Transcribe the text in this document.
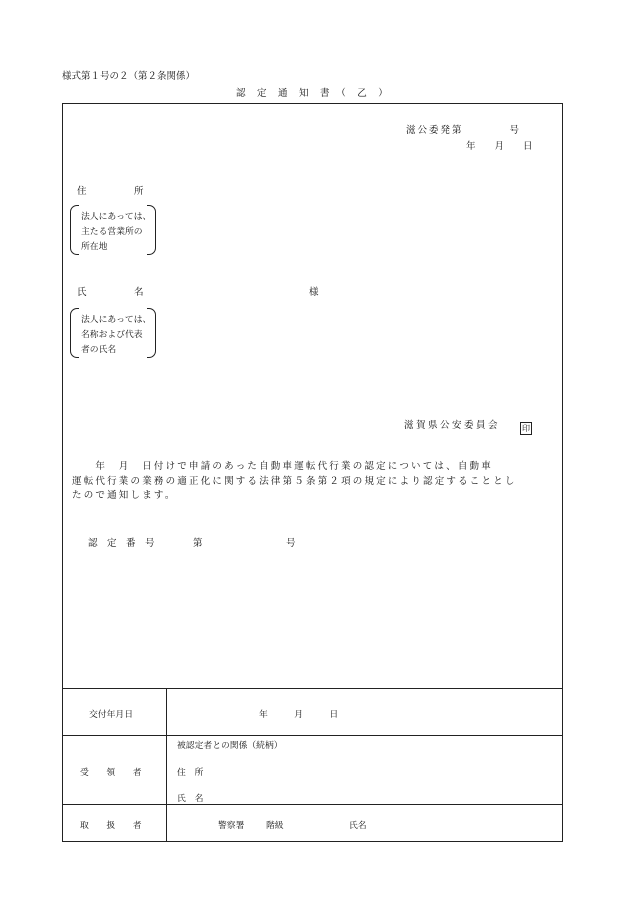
様式第１号の２（第２条関係）
認　定　通　知　書　（　乙　）
滋公委発第　　　　号
年　　月　　日
住　　　　　所
法人にあっては、
主たる営業所の
所在地
氏　　　　　名	様
法人にあっては、
名称および代表
者の氏名
滋賀県公安委員会	印
　　年　月　日付けで申請のあった自動車運転代行業の認定については、自動車
運転代行業の業務の適正化に関する法律第５条第２項の規定により認定することとし
たので通知します。
認　定　番　号	第	号
交付年月日	年　　　月　　　日
受　　領　　者
被認定者との関係（続柄）
住　所
氏　名
取　　扱　　者	警察署 階級	氏名
